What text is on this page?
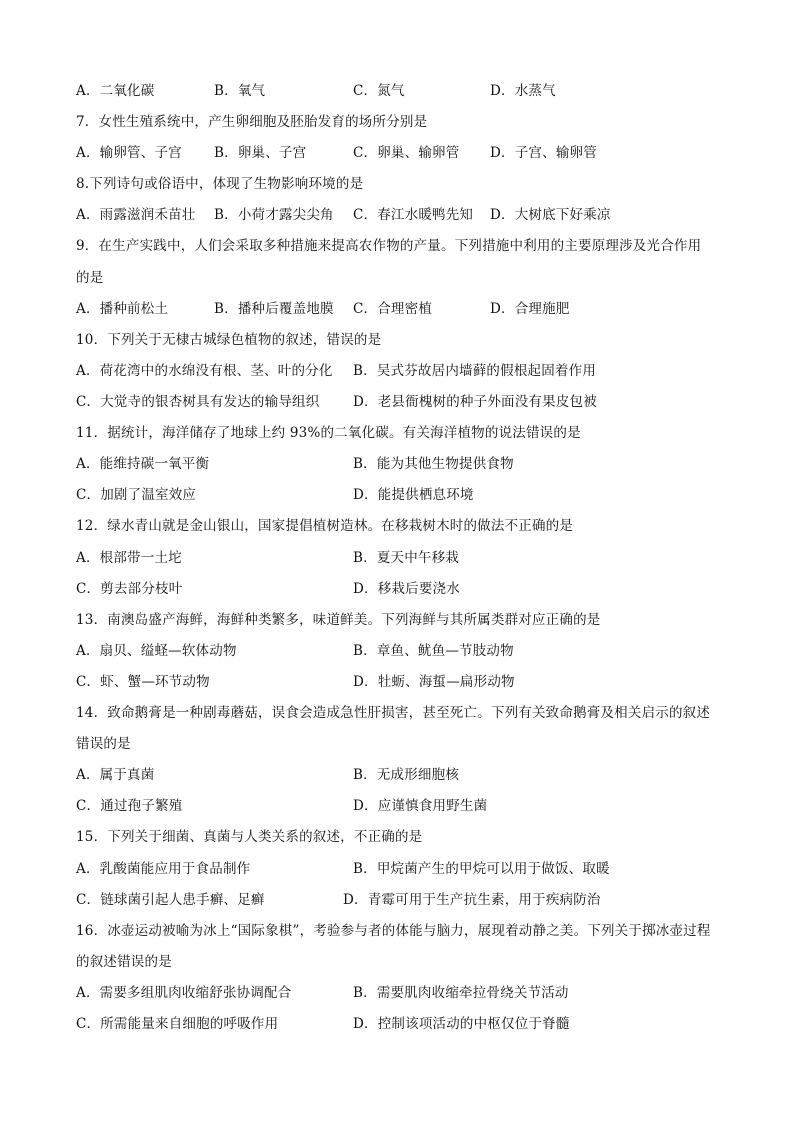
A．二氧化碳	B．氧气	C．氮气	D．水蒸气
7．女性生殖系统中，产生卵细胞及胚胎发育的场所分别是
A．输卵管、子宫 B．卵巢、子宫	C．卵巢、输卵管 D．子宫、输卵管
8.下列诗句或俗语中，体现了生物影响环境的是
A．雨露滋润禾苗壮 B．小荷才露尖尖角 C．春江水暖鸭先知 D．大树底下好乘凉
9．在生产实践中，人们会采取多种措施来提高农作物的产量。下列措施中利用的主要原理涉及光合作用
的是
A．播种前松土	B．播种后覆盖地膜 C．合理密植	D．合理施肥
10．下列关于无棣古城绿色植物的叙述，错误的是
A．荷花湾中的水绵没有根、茎、叶的分化 B．吴式芬故居内墙藓的假根起固着作用
C．大觉寺的银杏树具有发达的输导组织 D．老县衙槐树的种子外面没有果皮包被
11．据统计，海洋储存了地球上约 93%的二氧化碳。有关海洋植物的说法错误的是
A．能维持碳一氧平衡	B．能为其他生物提供食物
C．加剧了温室效应	D．能提供栖息环境
12．绿水青山就是金山银山，国家提倡植树造林。在移栽树木时的做法不正确的是
A．根部带一土坨	B．夏天中午移栽
C．剪去部分枝叶	D．移栽后要浇水
13．南澳岛盛产海鲜，海鲜种类繁多，味道鲜美。下列海鲜与其所属类群对应正确的是
A．扇贝、缢蛏—软体动物	B．章鱼、鱿鱼—节肢动物
C．虾、蟹—环节动物	D．牡蛎、海蜇—扁形动物
14．致命鹅膏是一种剧毒蘑菇，误食会造成急性肝损害，甚至死亡。下列有关致命鹅膏及相关启示的叙述
错误的是
A．属于真菌	B．无成形细胞核
C．通过孢子繁殖	D．应谨慎食用野生菌
15．下列关于细菌、真菌与人类关系的叙述，不正确的是
A．乳酸菌能应用于食品制作	B．甲烷菌产生的甲烷可以用于做饭、取暖
C．链球菌引起人患手癣、足癣	D．青霉可用于生产抗生素，用于疾病防治
16．冰壶运动被喻为冰上“国际象棋”，考验参与者的体能与脑力，展现着动静之美。下列关于掷冰壶过程
的叙述错误的是
A．需要多组肌肉收缩舒张协调配合	B．需要肌肉收缩牵拉骨绕关节活动
C．所需能量来自细胞的呼吸作用	D．控制该项活动的中枢仅位于脊髓
